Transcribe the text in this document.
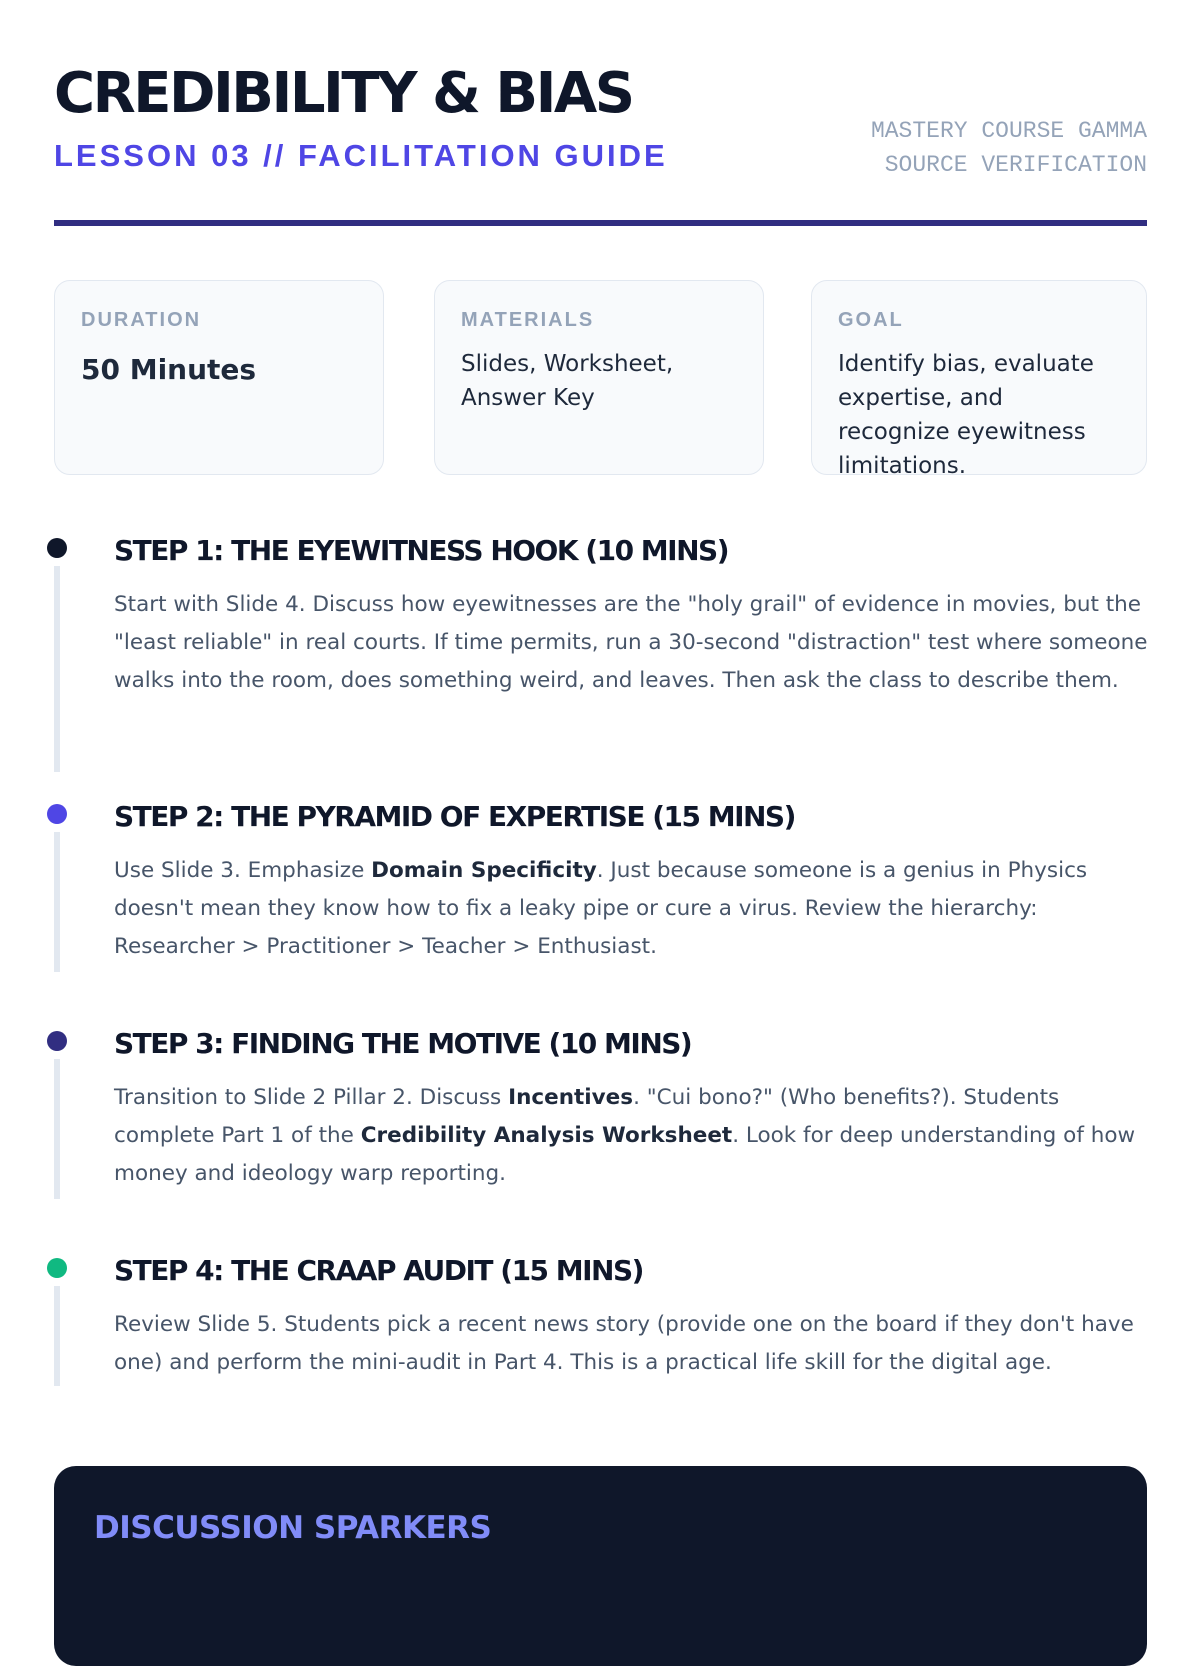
CREDIBILITY & BIAS
LESSON 03 // FACILITATION GUIDE
MASTERY COURSE GAMMA
SOURCE VERIFICATION
DURATION
50 Minutes
MATERIALS
Slides, Worksheet, Answer Key
GOAL
Identify bias, evaluate expertise, and recognize eyewitness limitations.
STEP 1: THE EYEWITNESS HOOK (10 MINS)

Start with Slide 4. Discuss how eyewitnesses are the "holy grail" of evidence in movies, but the "least reliable" in real courts. If time permits, run a 30-second "distraction" test where someone walks into the room, does something weird, and leaves. Then ask the class to describe them.

STEP 2: THE PYRAMID OF EXPERTISE (15 MINS)

Use Slide 3. Emphasize Domain Specificity. Just because someone is a genius in Physics doesn't mean they know how to fix a leaky pipe or cure a virus. Review the hierarchy: Researcher > Practitioner > Teacher > Enthusiast.

STEP 3: FINDING THE MOTIVE (10 MINS)

Transition to Slide 2 Pillar 2. Discuss Incentives. "Cui bono?" (Who benefits?). Students complete Part 1 of the Credibility Analysis Worksheet. Look for deep understanding of how money and ideology warp reporting.

STEP 4: THE CRAAP AUDIT (15 MINS)

Review Slide 5. Students pick a recent news story (provide one on the board if they don't have one) and perform the mini-audit in Part 4. This is a practical life skill for the digital age.

DISCUSSION SPARKERS
